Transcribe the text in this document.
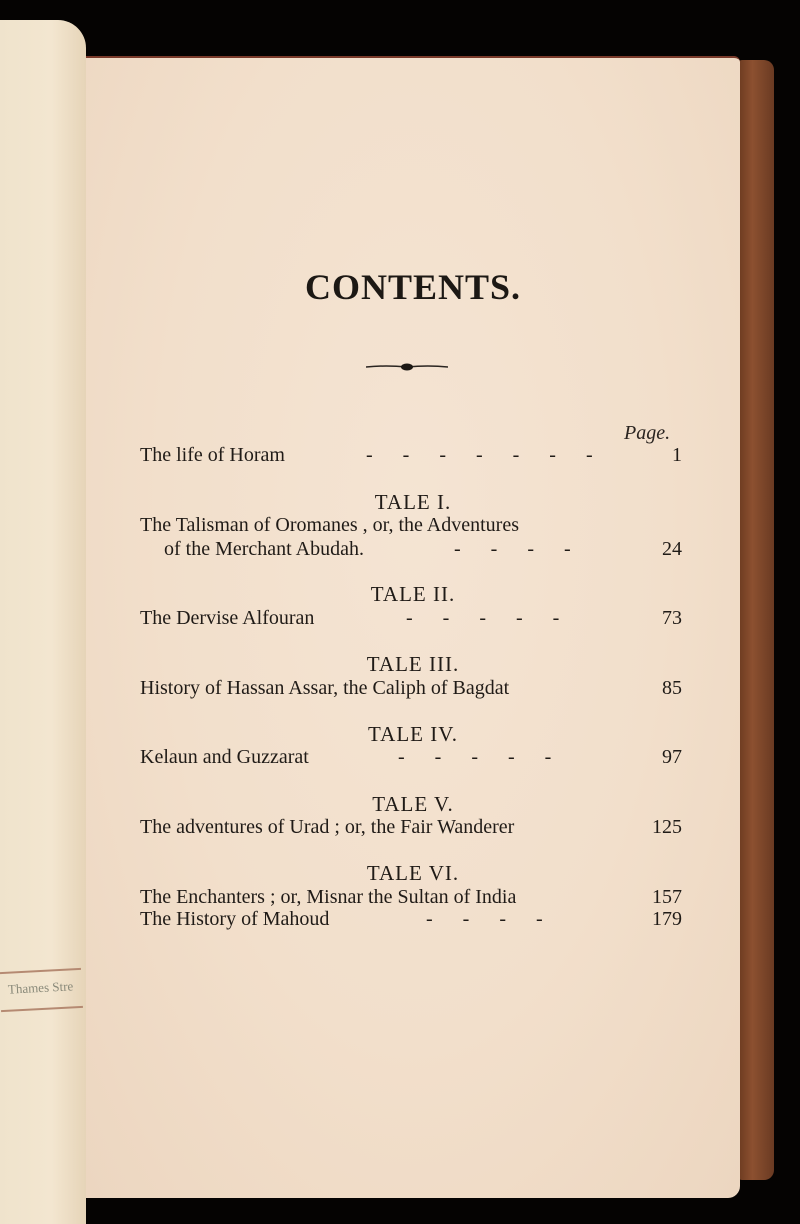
Thames Stre
CONTENTS.
Page.
The life of Horam	-      -      -      -      -      -      -	1
TALE I.
The Talisman of Oromanes , or, the Adventures
of the Merchant Abudah.	-      -      -      -	24
TALE II.
The Dervise Alfouran	-      -      -      -      -	73
TALE III.
History of Hassan Assar, the Caliph of Bagdat	85
TALE IV.
Kelaun and Guzzarat	-      -      -      -      -	97
TALE V.
The adventures of Urad ; or, the Fair Wanderer	125
TALE VI.
The Enchanters ; or, Misnar the Sultan of India	157
The History of Mahoud	-      -      -      -	179
